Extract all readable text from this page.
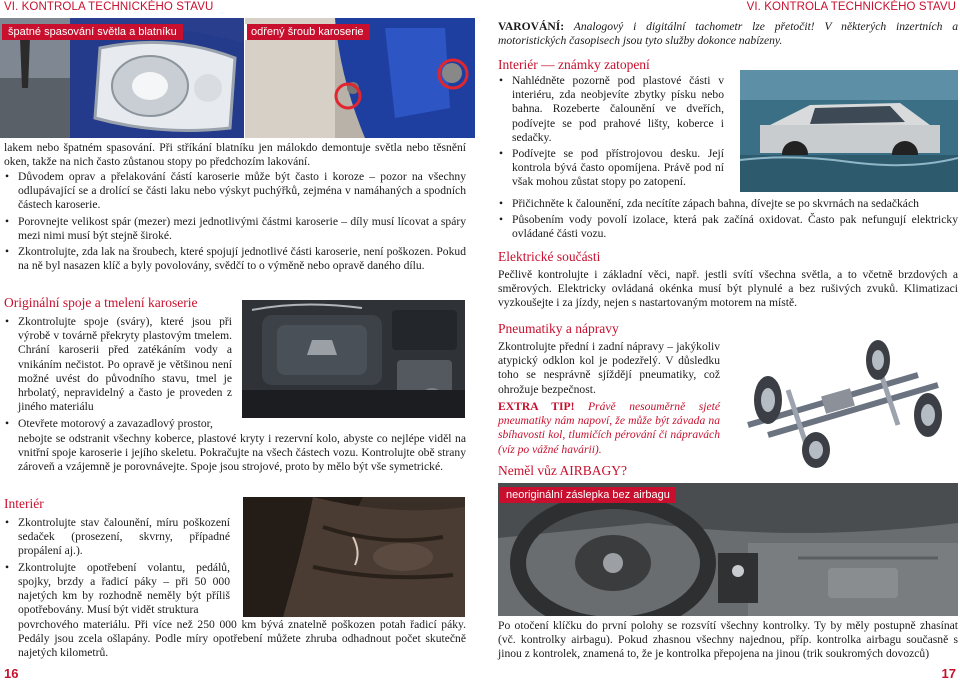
VI. KONTROLA TECHNICKÉHO STAVU	VI. KONTROLA TECHNICKÉHO STAVU
špatné spasování světla a blatníku	odřený šroub karoserie
lakem nebo špatném spasování. Při stříkání blatníku jen málokdo demontuje světla nebo těsnění oken, takže na nich často zůstanou stopy po předchozím lakování.
• Důvodem oprav a přelakování částí karoserie může být často i koroze – pozor na všechny odlupávající se a drolící se části laku nebo výskyt puchýřků, zejména v namáhaných a spodních částech karoserie.
• Porovnejte velikost spár (mezer) mezi jednotlivými částmi karoserie – díly musí lícovat a spáry mezi nimi musí být stejně široké.
• Zkontrolujte, zda lak na šroubech, které spojují jednotlivé části karoserie, není poškozen. Pokud na ně byl nasazen klíč a byly povolovány, svědčí to o výměně nebo opravě daného dílu.
Originální spoje a tmelení karoserie
• Zkontrolujte spoje (sváry), které jsou při výrobě v továrně překryty plastovým tmelem. Chrání karoserii před zatékáním vody a vnikáním nečistot. Po opravě je většinou není možné uvést do původního stavu, tmel je hrbolatý, nepravidelný a často je proveden z jiného materiálu
• Otevřete motorový a zavazadlový prostor,
nebojte se odstranit všechny koberce, plastové kryty i rezervní kolo, abyste co nejlépe viděl na vnitřní spoje karoserie i jejího skeletu. Pokračujte na všech částech vozu. Kontrolujte obě strany zároveň a vzájemně je porovnávejte. Spoje jsou strojové, proto by mělo být vše symetrické.
Interiér
• Zkontrolujte stav čalounění, míru poškození sedaček (prosezení, skvrny, případné propálení aj.).
• Zkontrolujte opotřebení volantu, pedálů, spojky, brzdy a řadicí páky – při 50 000 najetých km by rozhodně neměly být příliš opotřebovány. Musí být vidět struktura
povrchového materiálu. Při více než 250 000 km bývá znatelně poškozen potah řadicí páky. Pedály jsou zcela ošlapány. Podle míry opotřebení můžete zhruba odhadnout počet skutečně najetých kilometrů.
16
VAROVÁNÍ: Analogový i digitální tachometr lze přetočit! V některých inzertních a motoristických časopisech jsou tyto služby dokonce nabízeny.
Interiér — známky zatopení
• Nahlédněte pozorně pod plastové části v interiéru, zda neobjevíte zbytky písku nebo bahna. Rozeberte čalounění ve dveřích, podívejte se pod prahové lišty, koberce i sedačky.
• Podívejte se pod přístrojovou desku. Její kontrola bývá často opomíjena. Právě pod ní však mohou zůstat stopy po zatopení.
• Přičichněte k čalounění, zda necítíte zápach bahna, dívejte se po skvrnách na sedačkách
• Působením vody povolí izolace, která pak začíná oxidovat. Často pak nefungují elektricky ovládané části vozu.
Elektrické součásti
Pečlivě kontrolujte i základní věci, např. jestli svítí všechna světla, a to včetně brzdových a směrových. Elektricky ovládaná okénka musí být plynulé a bez rušivých zvuků. Klimatizaci vyzkoušejte i za jízdy, nejen s nastartovaným motorem na místě.
Pneumatiky a nápravy
Zkontrolujte přední i zadní nápravy – jakýkoliv atypický odklon kol je podezřelý. V důsledku toho se nesprávně sjíždějí pneumatiky, což ohrožuje bezpečnost.
EXTRA TIP! Právě nesouměrně sjeté pneumatiky nám napoví, že může být závada na sbíhavosti kol, tlumičích pérování či nápravách (víz po vážné havárii).
Neměl vůz AIRBAGY?
neoriginální záslepka bez airbagu
Po otočení klíčku do první polohy se rozsvítí všechny kontrolky. Ty by měly postupně zhasínat (vč. kontrolky airbagu). Pokud zhasnou všechny najednou, příp. kontrolka airbagu současně s jinou z kontrolek, znamená to, že je kontrolka přepojena na jinou (trik soukromých dovozců)
17
